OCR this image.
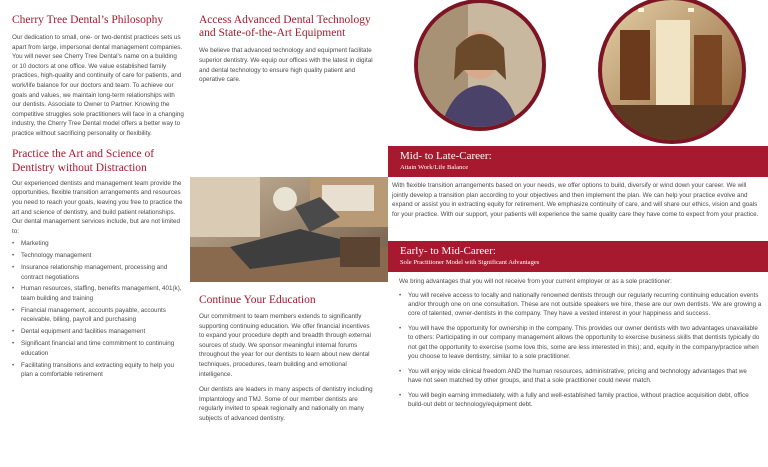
Cherry Tree Dental’s Philosophy

Our dedication to small, one- or two-dentist practices sets us apart from large, impersonal dental management companies. You will never see Cherry Tree Dental’s name on a building or 10 doctors at one office. We value established family practices, high-quality and continuity of care for patients, and work/life balance for our doctors and team. To achieve our goals and values, we maintain long-term relationships with our dentists. Associate to Owner to Partner. Knowing the competitive struggles sole practitioners will face in a changing industry, the Cherry Tree Dental model offers a better way to practice without sacrificing personality or flexibility.

Practice the Art and Science of Dentistry without Distraction

Our experienced dentists and management team provide the opportunities, flexible transition arrangements and resources you need to reach your goals, leaving you free to practice the art and science of dentistry, and build patient relationships. Our dental management services include, but are not limited to:

• Marketing
• Technology management
• Insurance relationship management, processing and contract negotiations
• Human resources, staffing, benefits management, 401(k), team building and training
• Financial management, accounts payable, accounts receivable, billing, payroll and purchasing
• Dental equipment and facilities management
• Significant financial and time commitment to continuing education
• Facilitating transitions and extracting equity to help you plan a comfortable retirement
Access Advanced Dental Technology and State-of-the-Art Equipment

We believe that advanced technology and equipment facilitate superior dentistry. We equip our offices with the latest in digital and dental technology to ensure high quality patient and operative care.

Continue Your Education

Our commitment to team members extends to significantly supporting continuing education. We offer financial incentives to expand your procedure depth and breadth through external sources of study. We sponsor meaningful internal forums throughout the year for our dentists to learn about new dental techniques, procedures, team building and emotional intelligence.

Our dentists are leaders in many aspects of dentistry including Implantology and TMJ. Some of our member dentists are regularly invited to speak regionally and nationally on many subjects of advanced dentistry.

Mid- to Late-Career:
Attain Work/Life Balance

With flexible transition arrangements based on your needs, we offer options to build, diversify or wind down your career. We will jointly develop a transition plan according to your objectives and then implement the plan. We can help your practice evolve and expand or assist you in extracting equity for retirement. We emphasize continuity of care, and will share our ethics, vision and goals for your practice. With our support, your patients will experience the same quality care they have come to expect from your practice.

Early- to Mid-Career:
Sole Practitioner Model with Significant Advantages

We bring advantages that you will not receive from your current employer or as a sole practitioner:

• You will receive access to locally and nationally renowned dentists through our regularly recurring continuing education events and/or through one on one consultation. These are not outside speakers we hire, these are our own dentists. We are growing a core of talented, owner-dentists in the company. They have a vested interest in your happiness and success.
• You will have the opportunity for ownership in the company. This provides our owner dentists with two advantages unavailable to others: Participating in our company management allows the opportunity to exercise business skills that dentists typically do not get the opportunity to exercise (some love this, some are less interested in this); and, equity in the company/practice when you choose to leave dentistry, similar to a sole practitioner.
• You will enjoy wide clinical freedom AND the human resources, administrative, pricing and technology advantages that we have not seen matched by other groups, and that a sole practitioner could never match.
• You will begin earning immediately, with a fully and well-established family practice, without practice acquisition debt, office build-out debt or technology/equipment debt.
